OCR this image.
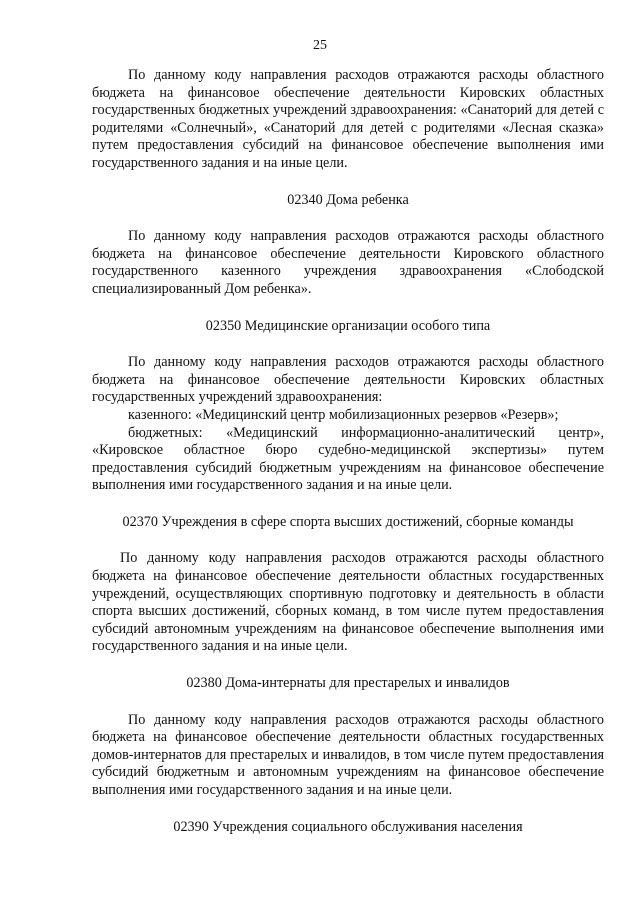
25

По данному коду направления расходов отражаются расходы областного бюджета на финансовое обеспечение деятельности Кировских областных государственных бюджетных учреждений здравоохранения: «Санаторий для детей с родителями «Солнечный», «Санаторий для детей с родителями «Лесная сказка» путем предоставления субсидий на финансовое обеспечение выполнения ими государственного задания и на иные цели.

02340 Дома ребенка

По данному коду направления расходов отражаются расходы областного бюджета на финансовое обеспечение деятельности Кировского областного государственного казенного учреждения здравоохранения «Слободской специализированный Дом ребенка».

02350 Медицинские организации особого типа

По данному коду направления расходов отражаются расходы областного бюджета на финансовое обеспечение деятельности Кировских областных государственных учреждений здравоохранения:

казенного: «Медицинский центр мобилизационных резервов «Резерв»;

бюджетных: «Медицинский информационно-аналитический центр», «Кировское областное бюро судебно-медицинской экспертизы» путем предоставления субсидий бюджетным учреждениям на финансовое обеспечение выполнения ими государственного задания и на иные цели.

02370 Учреждения в сфере спорта высших достижений, сборные команды

По данному коду направления расходов отражаются расходы областного бюджета на финансовое обеспечение деятельности областных государственных учреждений, осуществляющих спортивную подготовку и деятельность в области спорта высших достижений, сборных команд, в том числе путем предоставления субсидий автономным учреждениям на финансовое обеспечение выполнения ими государственного задания и на иные цели.

02380 Дома-интернаты для престарелых и инвалидов

По данному коду направления расходов отражаются расходы областного бюджета на финансовое обеспечение деятельности областных государственных домов-интернатов для престарелых и инвалидов, в том числе путем предоставления субсидий бюджетным и автономным учреждениям на финансовое обеспечение выполнения ими государственного задания и на иные цели.

02390 Учреждения социального обслуживания населения
